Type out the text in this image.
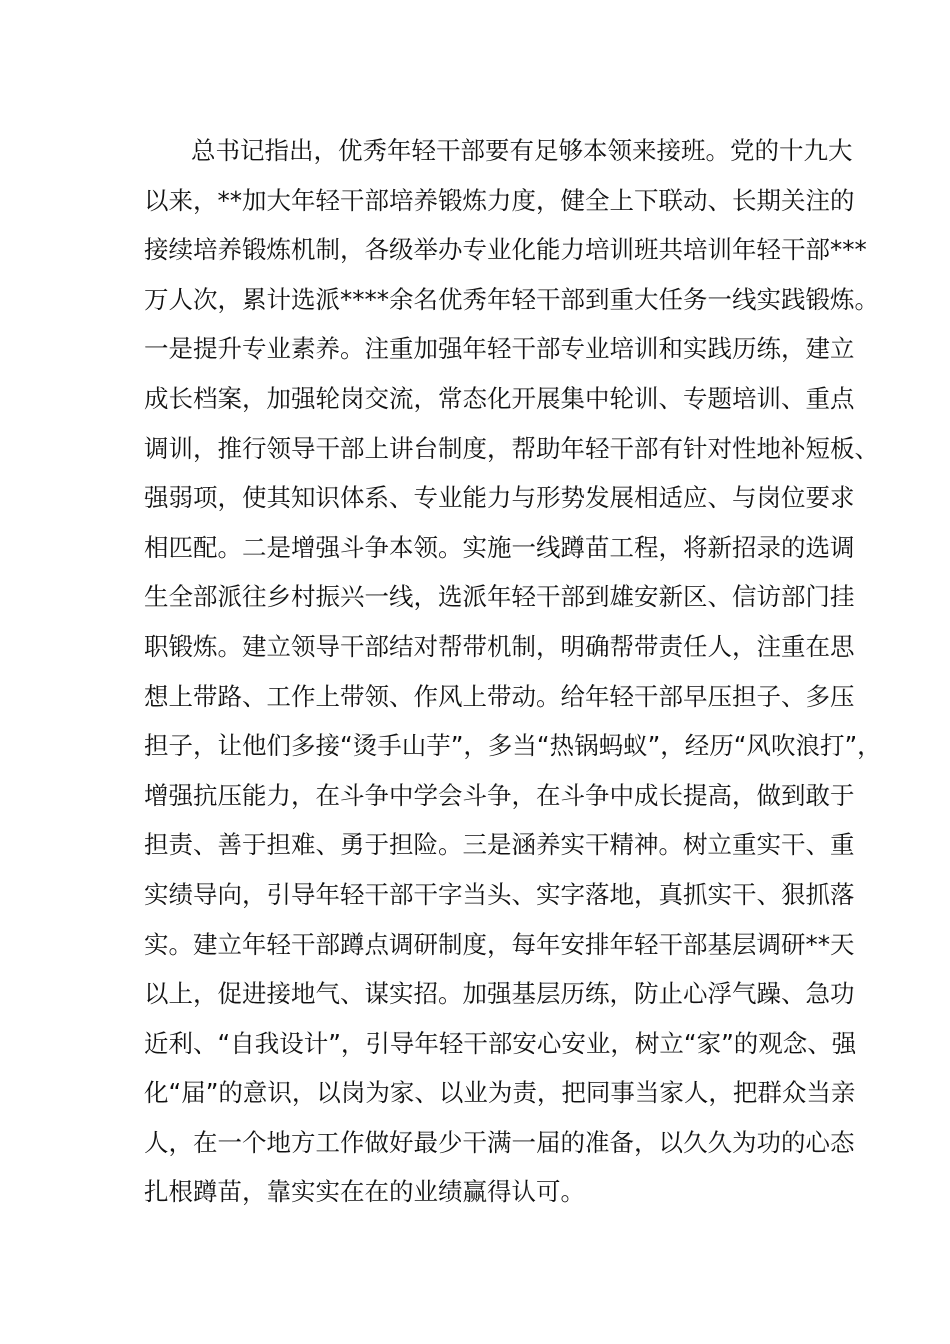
总书记指出，优秀年轻干部要有足够本领来接班。党的十九大
以来，**加大年轻干部培养锻炼力度，健全上下联动、长期关注的
接续培养锻炼机制，各级举办专业化能力培训班共培训年轻干部***
万人次，累计选派****余名优秀年轻干部到重大任务一线实践锻炼。
一是提升专业素养。注重加强年轻干部专业培训和实践历练，建立
成长档案，加强轮岗交流，常态化开展集中轮训、专题培训、重点
调训，推行领导干部上讲台制度，帮助年轻干部有针对性地补短板、
强弱项，使其知识体系、专业能力与形势发展相适应、与岗位要求
相匹配。二是增强斗争本领。实施一线蹲苗工程，将新招录的选调
生全部派往乡村振兴一线，选派年轻干部到雄安新区、信访部门挂
职锻炼。建立领导干部结对帮带机制，明确帮带责任人，注重在思
想上带路、工作上带领、作风上带动。给年轻干部早压担子、多压
担子，让他们多接“烫手山芋”，多当“热锅蚂蚁”，经历“风吹浪打”，
增强抗压能力，在斗争中学会斗争，在斗争中成长提高，做到敢于
担责、善于担难、勇于担险。三是涵养实干精神。树立重实干、重
实绩导向，引导年轻干部干字当头、实字落地，真抓实干、狠抓落
实。建立年轻干部蹲点调研制度，每年安排年轻干部基层调研**天
以上，促进接地气、谋实招。加强基层历练，防止心浮气躁、急功
近利、“自我设计”，引导年轻干部安心安业，树立“家”的观念、强
化“届”的意识，以岗为家、以业为责，把同事当家人，把群众当亲
人，在一个地方工作做好最少干满一届的准备，以久久为功的心态
扎根蹲苗，靠实实在在的业绩赢得认可。
